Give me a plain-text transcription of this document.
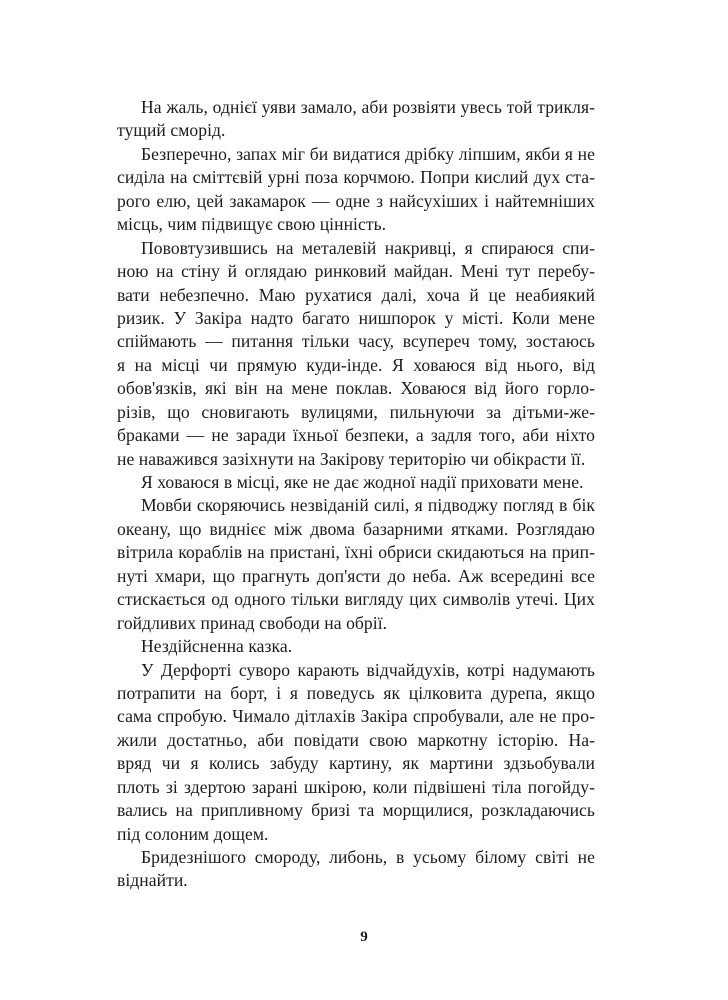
На жаль, однієї уяви замало, аби розвіяти увесь той трикля-
тущий сморід.
Безперечно, запах міг би видатися дрібку ліпшим, якби я не
сиділа на сміттєвій урні поза корчмою. Попри кислий дух ста-
рого елю, цей закамарок — одне з найсухіших і найтемніших
місць, чим підвищує свою цінність.
Пововтузившись на металевій накривці, я спираюся спи-
ною на стіну й оглядаю ринковий майдан. Мені тут перебу-
вати небезпечно. Маю рухатися далі, хоча й це неабиякий
ризик. У Закіра надто багато нишпорок у місті. Коли мене
спіймають — питання тільки часу, всупереч тому, зостаюсь
я на місці чи прямую куди-інде. Я ховаюся від нього, від
обов'язків, які він на мене поклав. Ховаюся від його горло-
різів, що сновигають вулицями, пильнуючи за дітьми-же-
браками — не заради їхньої безпеки, а задля того, аби ніхто
не наважився зазіхнути на Закірову територію чи обікрасти її.
Я ховаюся в місці, яке не дає жодної надії приховати мене.
Мовби скоряючись незвіданій силі, я підводжу погляд в бік
океану, що виднієє між двома базарними ятками. Розглядаю
вітрила кораблів на пристані, їхні обриси скидаються на прип-
нуті хмари, що прагнуть доп'ясти до неба. Аж всередині все
стискається од одного тільки вигляду цих символів утечі. Цих
гойдливих принад свободи на обрії.
Нездійсненна казка.
У Дерфорті суворо карають відчайдухів, котрі надумають
потрапити на борт, і я поведусь як цілковита дурепа, якщо
сама спробую. Чимало дітлахів Закіра спробували, але не про-
жили достатньо, аби повідати свою маркотну історію. На-
вряд чи я колись забуду картину, як мартини здзьобували
плоть зі здертою зарані шкірою, коли підвішені тіла погойду-
вались на припливному бризі та морщилися, розкладаючись
під солоним дощем.
Бридезнішого смороду, либонь, в усьому білому світі не
віднайти.
9
